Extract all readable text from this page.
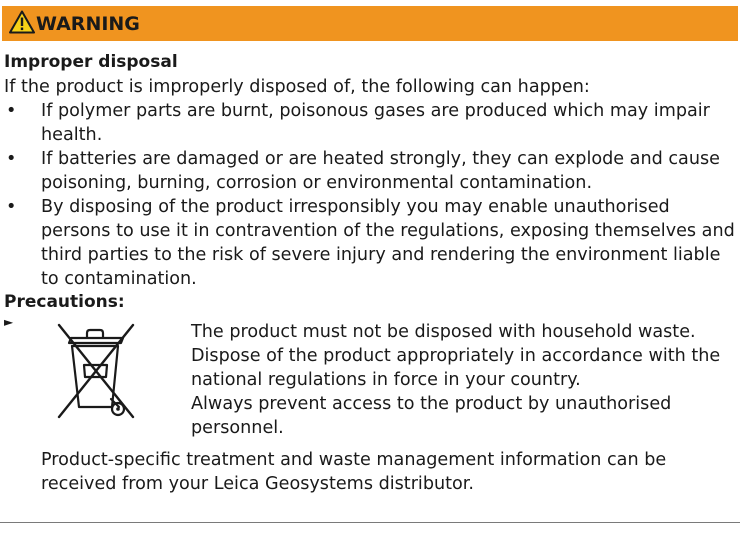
WARNING
Improper disposal

If the product is improperly disposed of, the following can happen:

• If polymer parts are burnt, poisonous gases are produced which may impair health.
• If batteries are damaged or are heated strongly, they can explode and cause poisoning, burning, corrosion or environmental contamination.
• By disposing of the product irresponsibly you may enable unauthorised persons to use it in contravention of the regulations, exposing themselves and third parties to the risk of severe injury and rendering the environment liable to contamination.
Precautions:
►	The product must not be disposed with household waste.

Dispose of the product appropriately in accordance with the national regulations in force in your country.

Always prevent access to the product by unauthorised personnel.

Product-specific treatment and waste management information can be received from your Leica Geosystems distributor.
